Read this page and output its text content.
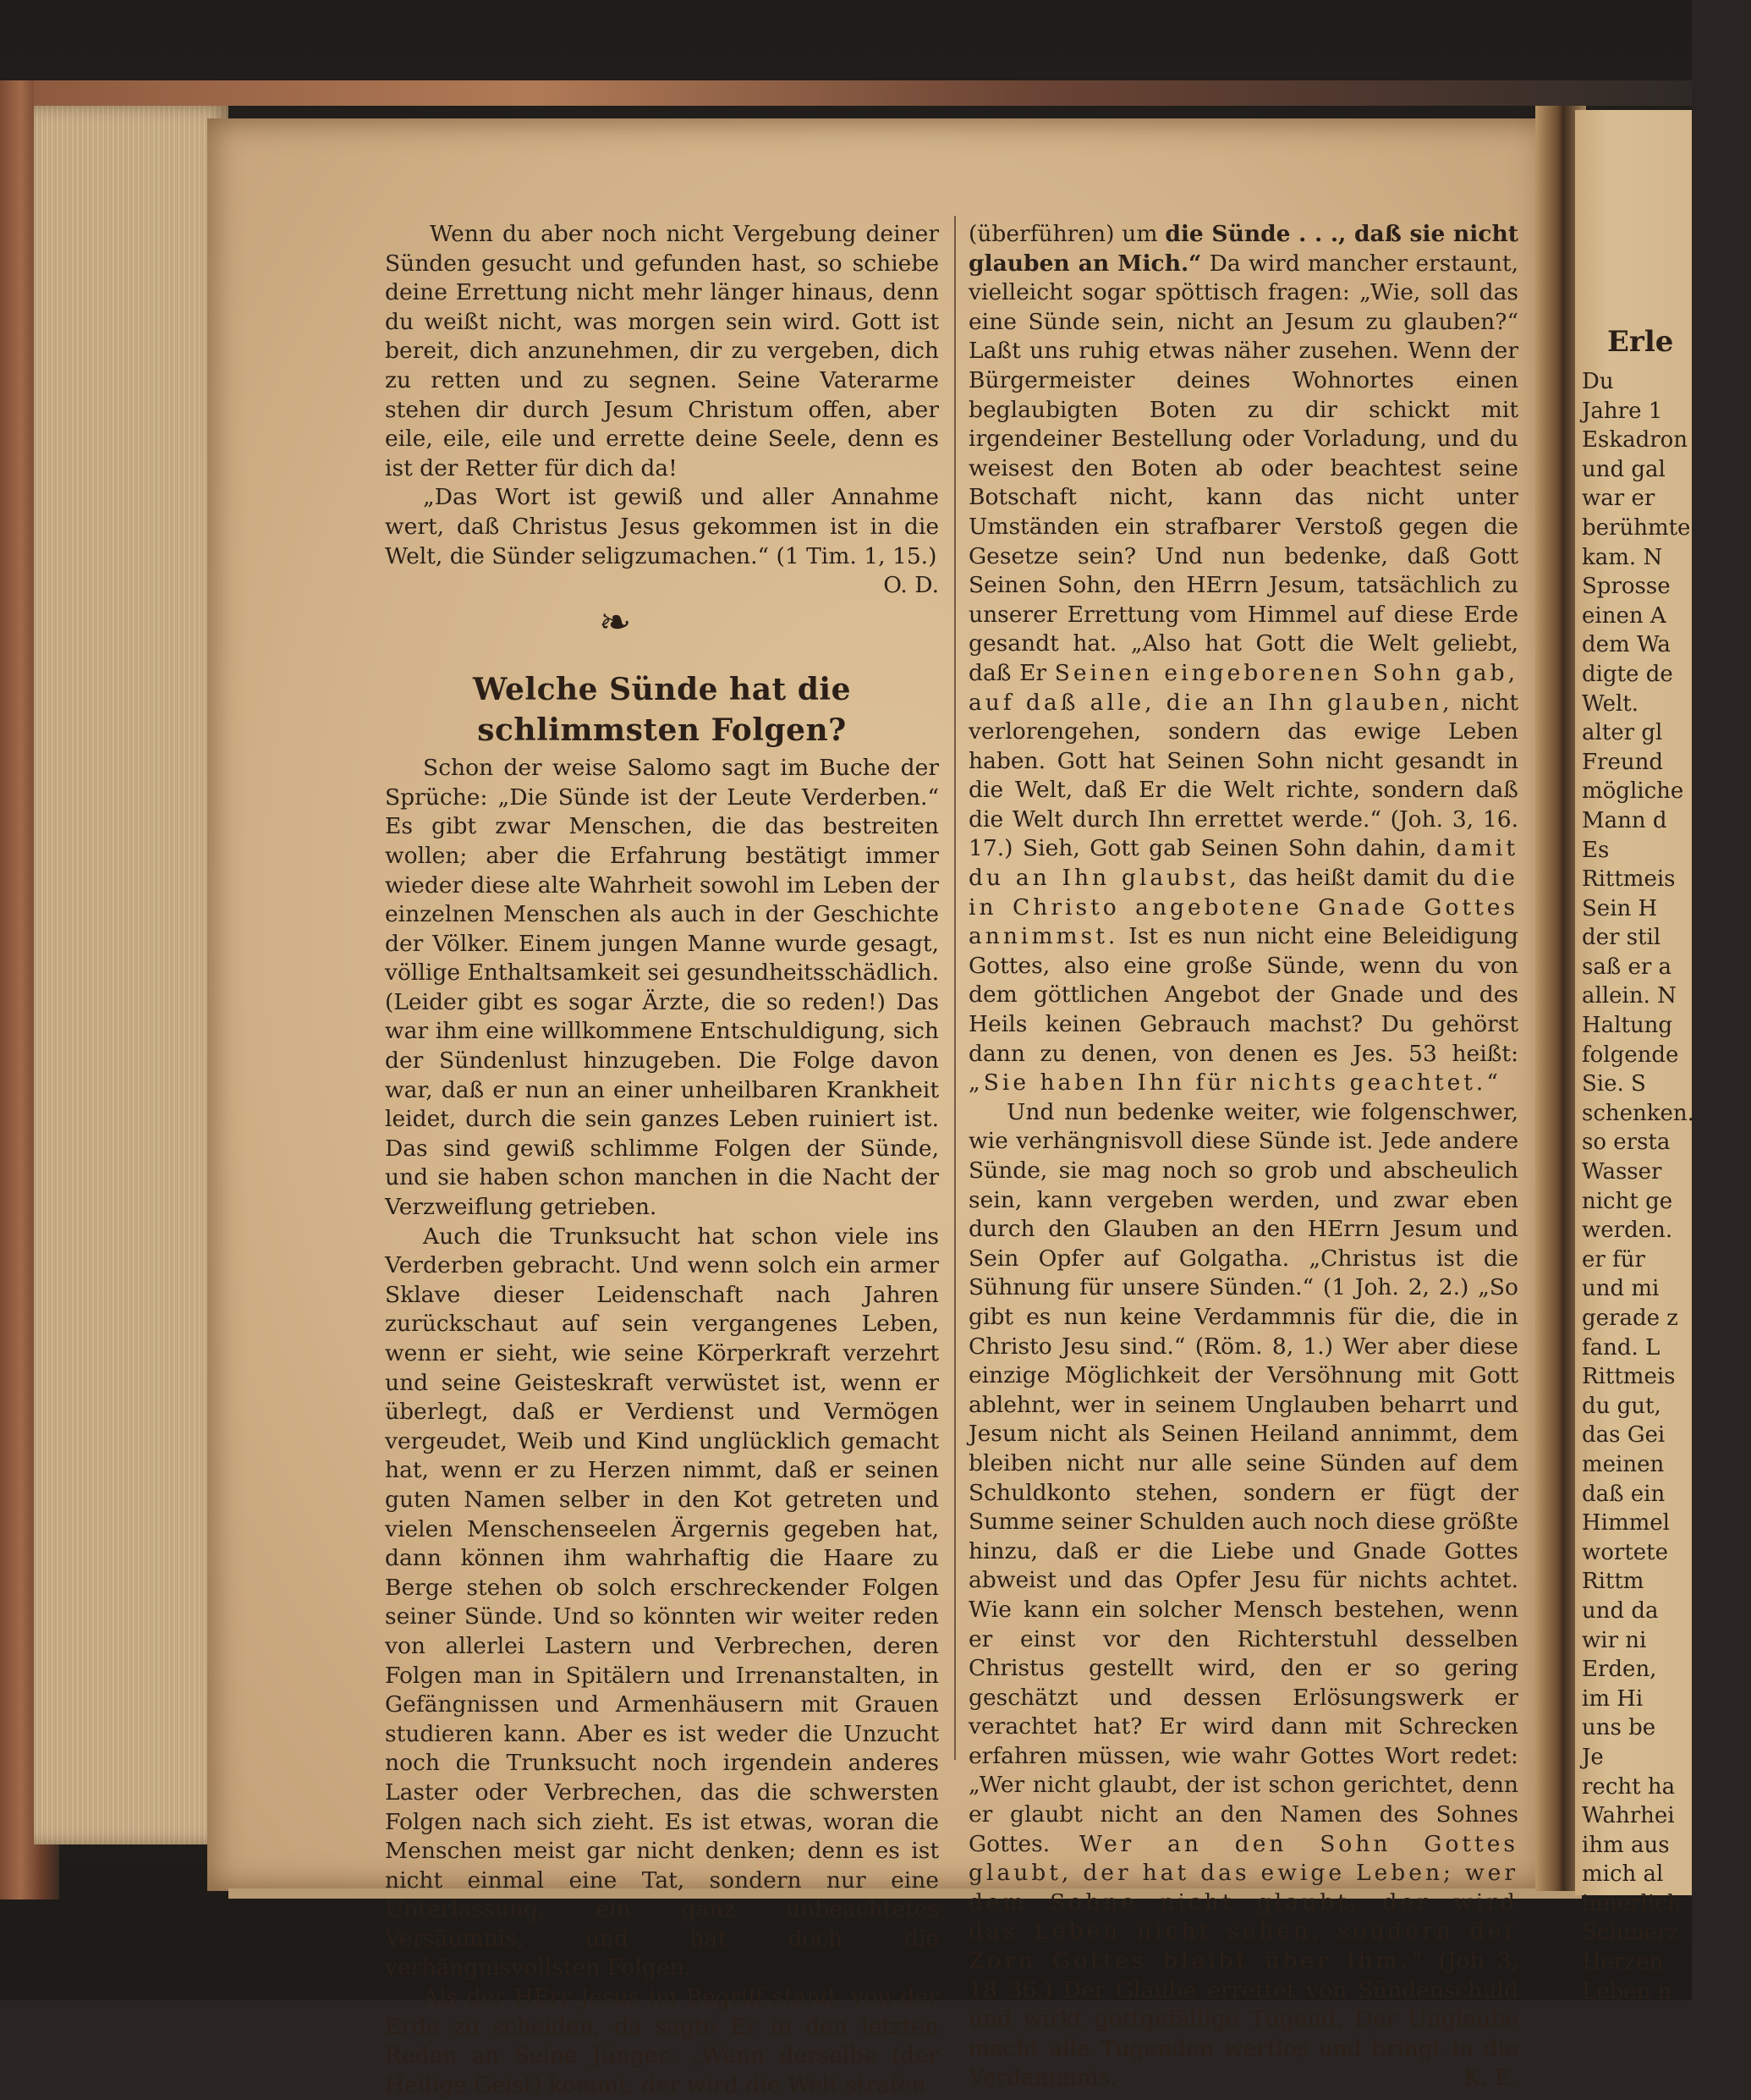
Erle
Du
Jahre 1
Eskadron
und gal
war er
berühmte
kam. N
Sprosse
einen A
dem Wa
digte de
Welt.
alter gl
Freund
mögliche
Mann d
Es
Rittmeis
Sein H
der stil
saß er a
allein. N
Haltung
folgende
Sie. S
schenken.
so ersta
Wasser
nicht ge
werden.
er für
und mi
gerade z
fand. L
Rittmeis
du gut,
das Gei
meinen
daß ein
Himmel
wortete
Rittm
und da
wir ni
Erden,
im Hi
uns be
Je
recht ha
Wahrhei
ihm aus
mich al
innerlich
Schmerz
Herzen
Leben n

Wenn du aber noch nicht Vergebung deiner Sünden gesucht und gefunden hast, so schiebe deine Errettung nicht mehr länger hinaus, denn du weißt nicht, was morgen sein wird. Gott ist bereit, dich anzunehmen, dir zu vergeben, dich zu retten und zu segnen. Seine Vaterarme stehen dir durch Jesum Christum offen, aber eile, eile, eile und errette deine Seele, denn es ist der Retter für dich da!

„Das Wort ist gewiß und aller Annahme wert, daß Christus Jesus gekommen ist in die Welt, die Sünder seligzumachen.“ (1 Tim. 1, 15.)
O. D.

❧
Welche Sünde hat die schlimmsten Folgen?

Schon der weise Salomo sagt im Buche der Sprüche: „Die Sünde ist der Leute Verderben.“ Es gibt zwar Menschen, die das bestreiten wollen; aber die Erfahrung bestätigt immer wieder diese alte Wahrheit sowohl im Leben der einzelnen Menschen als auch in der Geschichte der Völker. Einem jungen Manne wurde gesagt, völlige Enthaltsamkeit sei gesundheitsschädlich. (Leider gibt es sogar Ärzte, die so reden!) Das war ihm eine willkommene Entschuldigung, sich der Sündenlust hinzugeben. Die Folge davon war, daß er nun an einer unheilbaren Krankheit leidet, durch die sein ganzes Leben ruiniert ist. Das sind gewiß schlimme Folgen der Sünde, und sie haben schon manchen in die Nacht der Verzweiflung getrieben.

Auch die Trunksucht hat schon viele ins Verderben gebracht. Und wenn solch ein armer Sklave dieser Leidenschaft nach Jahren zurückschaut auf sein vergangenes Leben, wenn er sieht, wie seine Körperkraft verzehrt und seine Geisteskraft verwüstet ist, wenn er überlegt, daß er Verdienst und Vermögen vergeudet, Weib und Kind unglücklich gemacht hat, wenn er zu Herzen nimmt, daß er seinen guten Namen selber in den Kot getreten und vielen Menschenseelen Ärgernis gegeben hat, dann können ihm wahrhaftig die Haare zu Berge stehen ob solch erschreckender Folgen seiner Sünde. Und so könnten wir weiter reden von allerlei Lastern und Verbrechen, deren Folgen man in Spitälern und Irrenanstalten, in Gefängnissen und Armenhäusern mit Grauen studieren kann. Aber es ist weder die Unzucht noch die Trunksucht noch irgendein anderes Laster oder Verbrechen, das die schwersten Folgen nach sich zieht. Es ist etwas, woran die Menschen meist gar nicht denken; denn es ist nicht einmal eine Tat, sondern nur eine Unterlassung, ein ganz unbeachtetes Versäumnis, und hat doch die verhängnisvollsten Folgen.

Als der HErr Jesus im Begriff stand, von der Erde zu scheiden, da sagte Er in den letzten Reden an Seine Jünger: „Wenn derselbe (der Heilige Geist) kommt, der wird die Welt strafen

(überführen) um die Sünde . . ., daß sie nicht glauben an Mich.“ Da wird mancher erstaunt, vielleicht sogar spöttisch fragen: „Wie, soll das eine Sünde sein, nicht an Jesum zu glauben?“ Laßt uns ruhig etwas näher zusehen. Wenn der Bürgermeister deines Wohnortes einen beglaubigten Boten zu dir schickt mit irgendeiner Bestellung oder Vorladung, und du weisest den Boten ab oder beachtest seine Botschaft nicht, kann das nicht unter Umständen ein strafbarer Verstoß gegen die Gesetze sein? Und nun bedenke, daß Gott Seinen Sohn, den HErrn Jesum, tatsächlich zu unserer Errettung vom Himmel auf diese Erde gesandt hat. „Also hat Gott die Welt geliebt, daß Er Seinen eingeborenen Sohn gab, auf daß alle, die an Ihn glauben, nicht verlorengehen, sondern das ewige Leben haben. Gott hat Seinen Sohn nicht gesandt in die Welt, daß Er die Welt richte, sondern daß die Welt durch Ihn errettet werde.“ (Joh. 3, 16. 17.) Sieh, Gott gab Seinen Sohn dahin, damit du an Ihn glaubst, das heißt damit du die in Christo angebotene Gnade Gottes annimmst. Ist es nun nicht eine Beleidigung Gottes, also eine große Sünde, wenn du von dem göttlichen Angebot der Gnade und des Heils keinen Gebrauch machst? Du gehörst dann zu denen, von denen es Jes. 53 heißt: „Sie haben Ihn für nichts geachtet.“

Und nun bedenke weiter, wie folgenschwer, wie verhängnisvoll diese Sünde ist. Jede andere Sünde, sie mag noch so grob und abscheulich sein, kann vergeben werden, und zwar eben durch den Glauben an den HErrn Jesum und Sein Opfer auf Golgatha. „Christus ist die Sühnung für unsere Sünden.“ (1 Joh. 2, 2.) „So gibt es nun keine Verdammnis für die, die in Christo Jesu sind.“ (Röm. 8, 1.) Wer aber diese einzige Möglichkeit der Versöhnung mit Gott ablehnt, wer in seinem Unglauben beharrt und Jesum nicht als Seinen Heiland annimmt, dem bleiben nicht nur alle seine Sünden auf dem Schuldkonto stehen, sondern er fügt der Summe seiner Schulden auch noch diese größte hinzu, daß er die Liebe und Gnade Gottes abweist und das Opfer Jesu für nichts achtet. Wie kann ein solcher Mensch bestehen, wenn er einst vor den Richterstuhl desselben Christus gestellt wird, den er so gering geschätzt und dessen Erlösungswerk er verachtet hat? Er wird dann mit Schrecken erfahren müssen, wie wahr Gottes Wort redet: „Wer nicht glaubt, der ist schon gerichtet, denn er glaubt nicht an den Namen des Sohnes Gottes. Wer an den Sohn Gottes glaubt, der hat das ewige Leben; wer dem Sohne nicht glaubt, der wird das Leben nicht sehen, sondern der Zorn Gottes bleibt über ihm.“ (Joh 3, 18 36.) Der Glaube errettet von Sündenschuld und wirkt gottgefällige Tugend. Der Unglaube macht alle Tugenden wertlos und bringt in die Verdammnis.	K. E.
